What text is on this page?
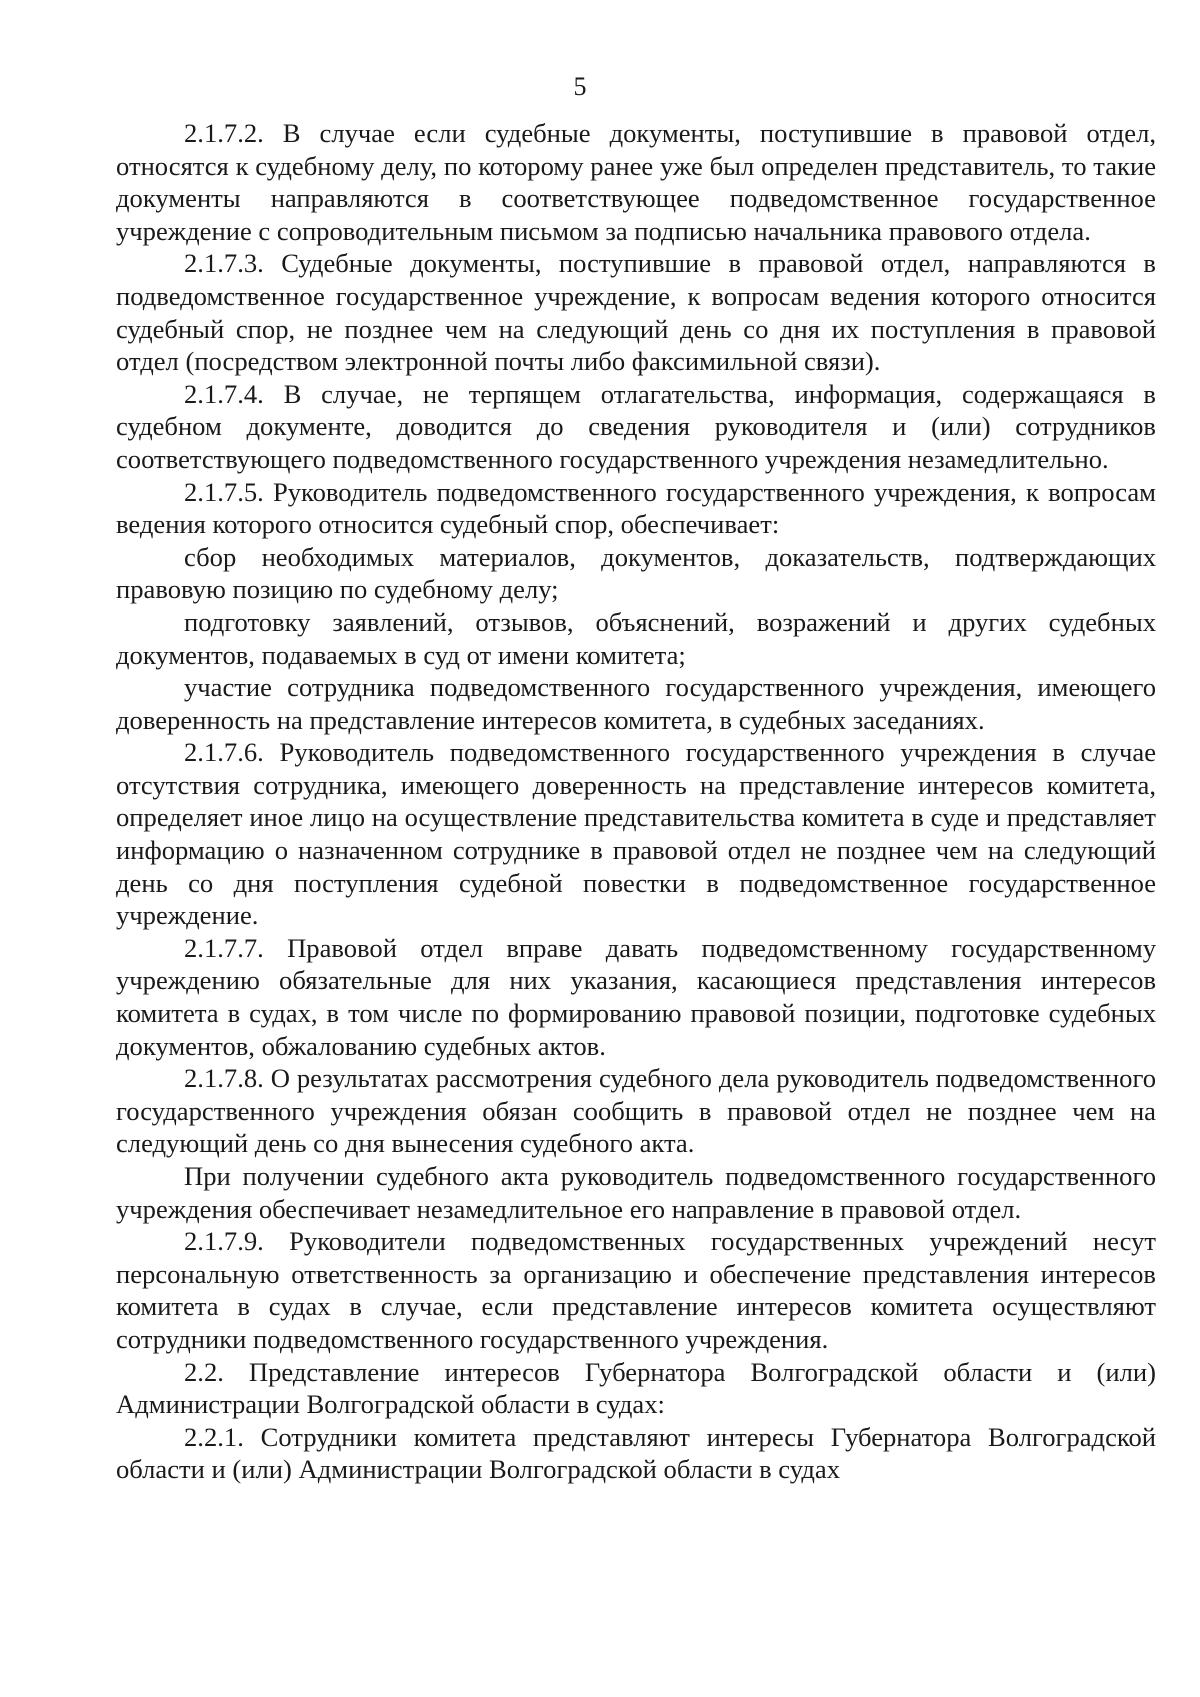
5

2.1.7.2. В случае если судебные документы, поступившие в правовой отдел, относятся к судебному делу, по которому ранее уже был определен представитель, то такие документы направляются в соответствующее подведомственное государственное учреждение с сопроводительным письмом за подписью начальника правового отдела.

2.1.7.3. Судебные документы, поступившие в правовой отдел, направляются в подведомственное государственное учреждение, к вопросам ведения которого относится судебный спор, не позднее чем на следующий день со дня их поступления в правовой отдел (посредством электронной почты либо факсимильной связи).

2.1.7.4. В случае, не терпящем отлагательства, информация, содержащаяся в судебном документе, доводится до сведения руководителя и (или) сотрудников соответствующего подведомственного государственного учреждения незамедлительно.

2.1.7.5. Руководитель подведомственного государственного учреждения, к вопросам ведения которого относится судебный спор, обеспечивает:

сбор необходимых материалов, документов, доказательств, подтверждающих правовую позицию по судебному делу;

подготовку заявлений, отзывов, объяснений, возражений и других судебных документов, подаваемых в суд от имени комитета;

участие сотрудника подведомственного государственного учреждения, имеющего доверенность на представление интересов комитета, в судебных заседаниях.

2.1.7.6. Руководитель подведомственного государственного учреждения в случае отсутствия сотрудника, имеющего доверенность на представление интересов комитета, определяет иное лицо на осуществление представительства комитета в суде и представляет информацию о назначенном сотруднике в правовой отдел не позднее чем на следующий день со дня поступления судебной повестки в подведомственное государственное учреждение.

2.1.7.7. Правовой отдел вправе давать подведомственному государственному учреждению обязательные для них указания, касающиеся представления интересов комитета в судах, в том числе по формированию правовой позиции, подготовке судебных документов, обжалованию судебных актов.

2.1.7.8. О результатах рассмотрения судебного дела руководитель подведомственного государственного учреждения обязан сообщить в правовой отдел не позднее чем на следующий день со дня вынесения судебного акта.

При получении судебного акта руководитель подведомственного государственного учреждения обеспечивает незамедлительное его направление в правовой отдел.

2.1.7.9. Руководители подведомственных государственных учреждений несут персональную ответственность за организацию и обеспечение представления интересов комитета в судах в случае, если представление интересов комитета осуществляют сотрудники подведомственного государственного учреждения.

2.2. Представление интересов Губернатора Волгоградской области и (или) Администрации Волгоградской области в судах:

2.2.1. Сотрудники комитета представляют интересы Губернатора Волгоградской области и (или) Администрации Волгоградской области в судах
